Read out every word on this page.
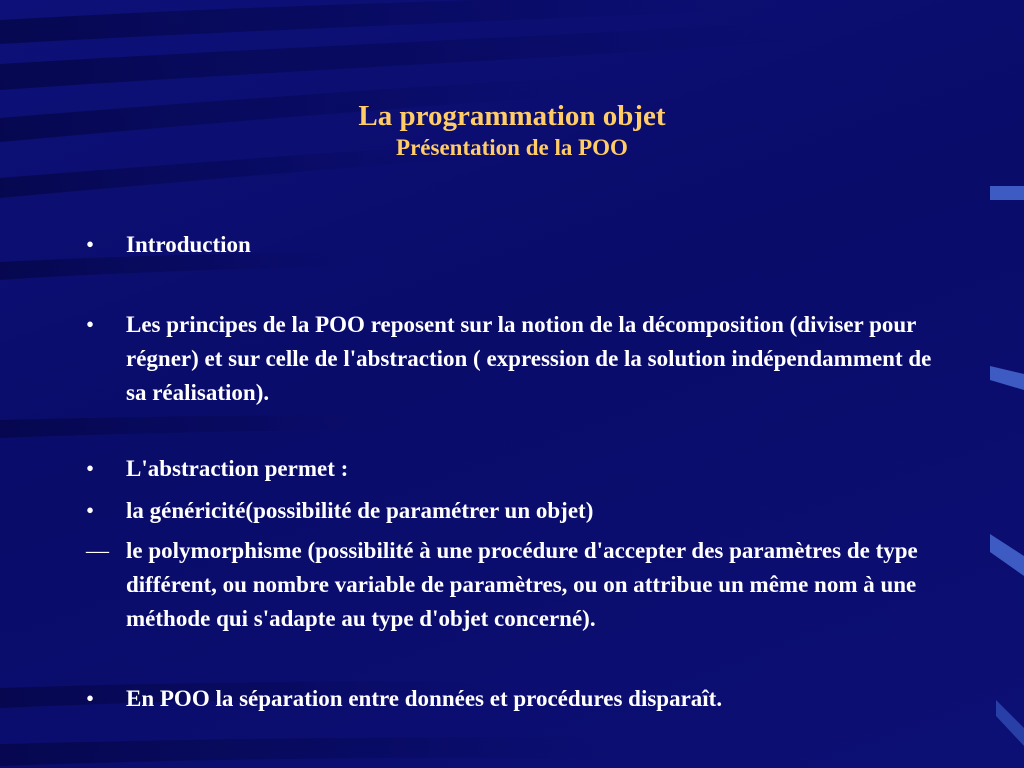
La programmation objet
Présentation de la POO
•	Introduction
•	Les principes de la POO reposent sur la notion de la décomposition (diviser pour régner) et sur celle de l'abstraction ( expression de la solution indépendamment de sa réalisation).
•	L'abstraction permet :
•	la généricité(possibilité de paramétrer un objet)
— le polymorphisme (possibilité à une procédure d'accepter des paramètres de type différent, ou nombre variable de paramètres, ou on attribue un même nom à une méthode qui s'adapte au type d'objet concerné).
•	En POO la séparation entre données et procédures disparaît.
